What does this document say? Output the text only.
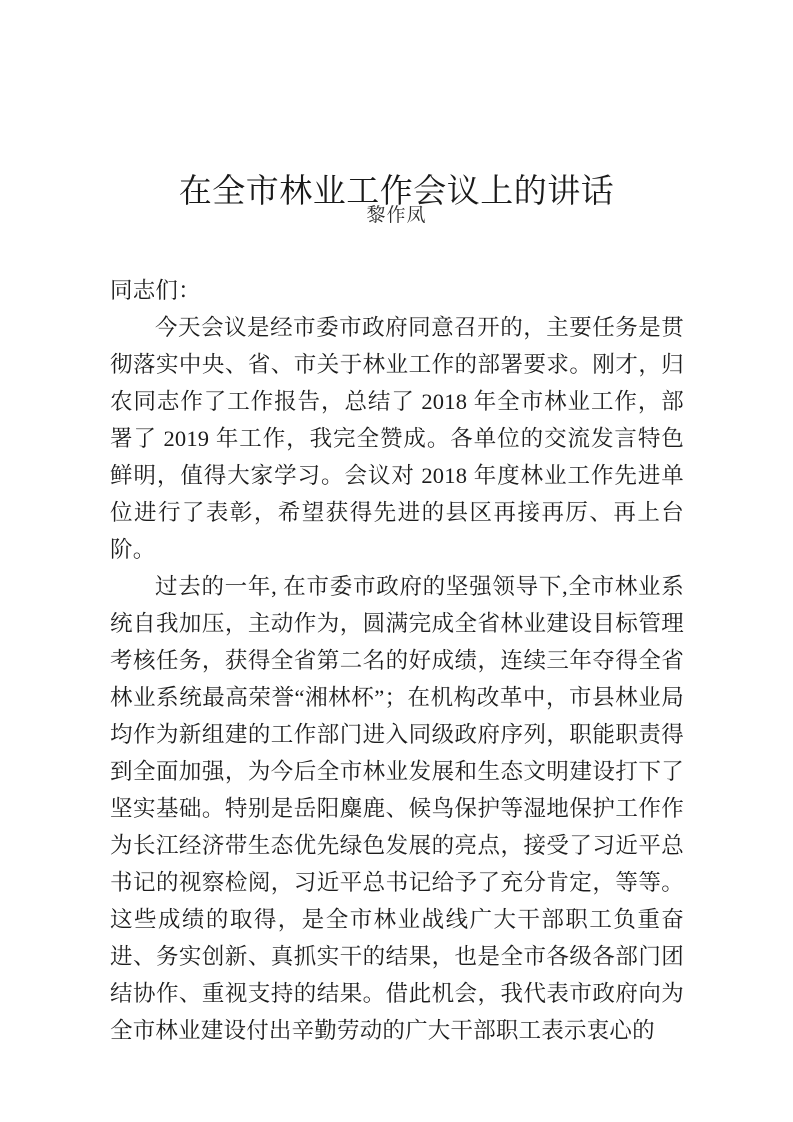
在全市林业工作会议上的讲话
黎作凤

同志们：

今天会议是经市委市政府同意召开的，主要任务是贯彻落实中央、省、市关于林业工作的部署要求。刚才，归农同志作了工作报告，总结了 2018 年全市林业工作，部署了 2019 年工作，我完全赞成。各单位的交流发言特色鲜明，值得大家学习。会议对 2018 年度林业工作先进单位进行了表彰，希望获得先进的县区再接再厉、再上台阶。

过去的一年, 在市委市政府的坚强领导下,全市林业系统自我加压，主动作为，圆满完成全省林业建设目标管理考核任务，获得全省第二名的好成绩，连续三年夺得全省林业系统最高荣誉“湘林杯”；在机构改革中，市县林业局均作为新组建的工作部门进入同级政府序列，职能职责得到全面加强，为今后全市林业发展和生态文明建设打下了坚实基础。特别是岳阳麋鹿、候鸟保护等湿地保护工作作为长江经济带生态优先绿色发展的亮点，接受了习近平总书记的视察检阅，习近平总书记给予了充分肯定，等等。这些成绩的取得，是全市林业战线广大干部职工负重奋进、务实创新、真抓实干的结果，也是全市各级各部门团结协作、重视支持的结果。借此机会，我代表市政府向为全市林业建设付出辛勤劳动的广大干部职工表示衷心的
